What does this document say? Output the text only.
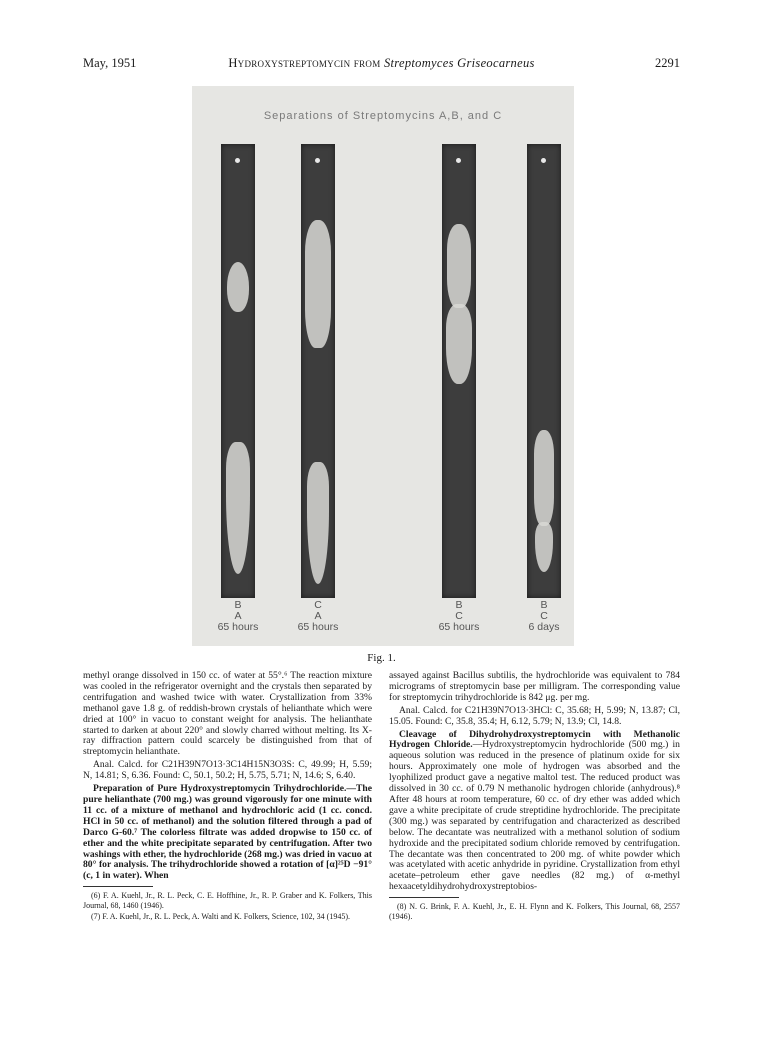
May, 1951	Hydroxystreptomycin from Streptomyces Griseocarneus	2291
Separations of Streptomycins A,B, and C
B
A
65 hours
C
A
65 hours
B
C
65 hours
B
C
6 days
Fig. 1.

methyl orange dissolved in 150 cc. of water at 55°.⁶ The reaction mixture was cooled in the refrigerator overnight and the crystals then separated by centrifugation and washed twice with water. Crystallization from 33% methanol gave 1.8 g. of reddish-brown crystals of helianthate which were dried at 100° in vacuo to constant weight for analysis. The helianthate started to darken at about 220° and slowly charred without melting. Its X-ray diffraction pattern could scarcely be distinguished from that of streptomycin helianthate.

Anal. Calcd. for C21H39N7O13·3C14H15N3O3S: C, 49.99; H, 5.59; N, 14.81; S, 6.36. Found: C, 50.1, 50.2; H, 5.75, 5.71; N, 14.6; S, 6.40.

Preparation of Pure Hydroxystreptomycin Trihydrochloride.—The pure helianthate (700 mg.) was ground vigorously for one minute with 11 cc. of a mixture of methanol and hydrochloric acid (1 cc. concd. HCl in 50 cc. of methanol) and the solution filtered through a pad of Darco G-60.⁷ The colorless filtrate was added dropwise to 150 cc. of ether and the white precipitate separated by centrifugation. After two washings with ether, the hydrochloride (268 mg.) was dried in vacuo at 80° for analysis. The trihydrochloride showed a rotation of [α]²⁵D −91° (c, 1 in water). When

(6) F. A. Kuehl, Jr., R. L. Peck, C. E. Hoffhine, Jr., R. P. Graber and K. Folkers, This Journal, 68, 1460 (1946).

(7) F. A. Kuehl, Jr., R. L. Peck, A. Walti and K. Folkers, Science, 102, 34 (1945).

assayed against Bacillus subtilis, the hydrochloride was equivalent to 784 micrograms of streptomycin base per milligram. The corresponding value for streptomycin trihydrochloride is 842 μg. per mg.

Anal. Calcd. for C21H39N7O13·3HCl: C, 35.68; H, 5.99; N, 13.87; Cl, 15.05. Found: C, 35.8, 35.4; H, 6.12, 5.79; N, 13.9; Cl, 14.8.

Cleavage of Dihydrohydroxystreptomycin with Methanolic Hydrogen Chloride.—Hydroxystreptomycin hydrochloride (500 mg.) in aqueous solution was reduced in the presence of platinum oxide for six hours. Approximately one mole of hydrogen was absorbed and the lyophilized product gave a negative maltol test. The reduced product was dissolved in 30 cc. of 0.79 N methanolic hydrogen chloride (anhydrous).⁸ After 48 hours at room temperature, 60 cc. of dry ether was added which gave a white precipitate of crude streptidine hydrochloride. The precipitate (300 mg.) was separated by centrifugation and characterized as described below. The decantate was neutralized with a methanol solution of sodium hydroxide and the precipitated sodium chloride removed by centrifugation. The decantate was then concentrated to 200 mg. of white powder which was acetylated with acetic anhydride in pyridine. Crystallization from ethyl acetate–petroleum ether gave needles (82 mg.) of α-methyl hexaacetyldihydrohydroxystreptobios-

(8) N. G. Brink, F. A. Kuehl, Jr., E. H. Flynn and K. Folkers, This Journal, 68, 2557 (1946).
